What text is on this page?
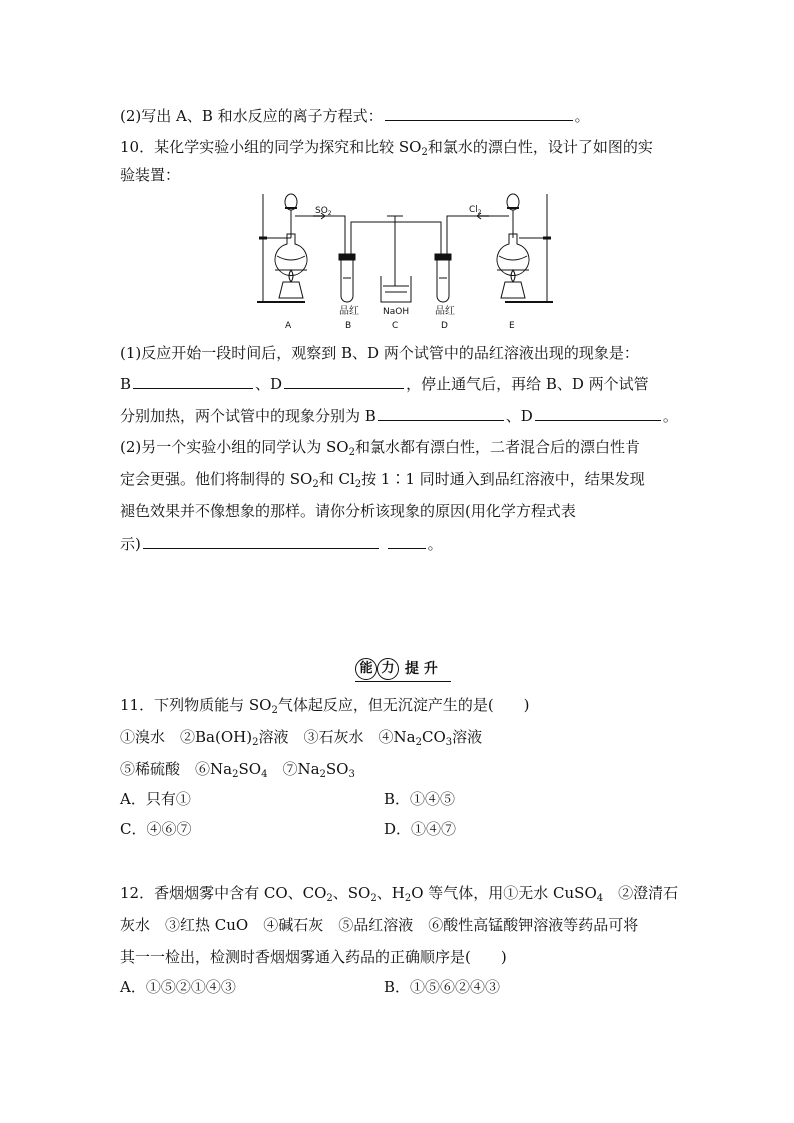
(2)写出 A、B 和水反应的离子方程式：	。
10．某化学实验小组的同学为探究和比较 $SO_2$和氯水的漂白性，设计了如图的实
验装置：
$SO_2$	$Cl_2$
品红	NaOH	品红
A	B	C	D	E
(1)反应开始一段时间后，观察到 B、D 两个试管中的品红溶液出现的现象是：
B	、D	，停止通气后，再给 B、D 两个试管
分别加热，两个试管中的现象分别为 B	、D	。
(2)另一个实验小组的同学认为 $SO_2$和氯水都有漂白性，二者混合后的漂白性肯
定会更强。他们将制得的 $SO_2$和 $Cl_2$按 1∶1 同时通入到品红溶液中，结果发现
褪色效果并不像想象的那样。请你分析该现象的原因(用化学方程式表
示)	。
能 力 提 升
11．下列物质能与 $SO_2$气体起反应，但无沉淀产生的是(　　)
①溴水　 $②Ba(OH)_2$溶液　 ③石灰水　 $④Na_2CO_3$溶液
⑤稀硫酸　 $⑥Na_2SO_4$　 $⑦Na_2SO_3$
A．只有①	B．①④⑤
C．④⑥⑦	D．①④⑦
12．香烟烟雾中含有 CO、$CO_2$、$SO_2$、$H_2O$ 等气体，用①无水 CuSO$_4$　②澄清石
灰水　③红热 CuO　④碱石灰　⑤品红溶液　⑥酸性高锰酸钾溶液等药品可将
其一一检出，检测时香烟烟雾通入药品的正确顺序是(　　)
A．①⑤②①④③	B．①⑤⑥②④③
